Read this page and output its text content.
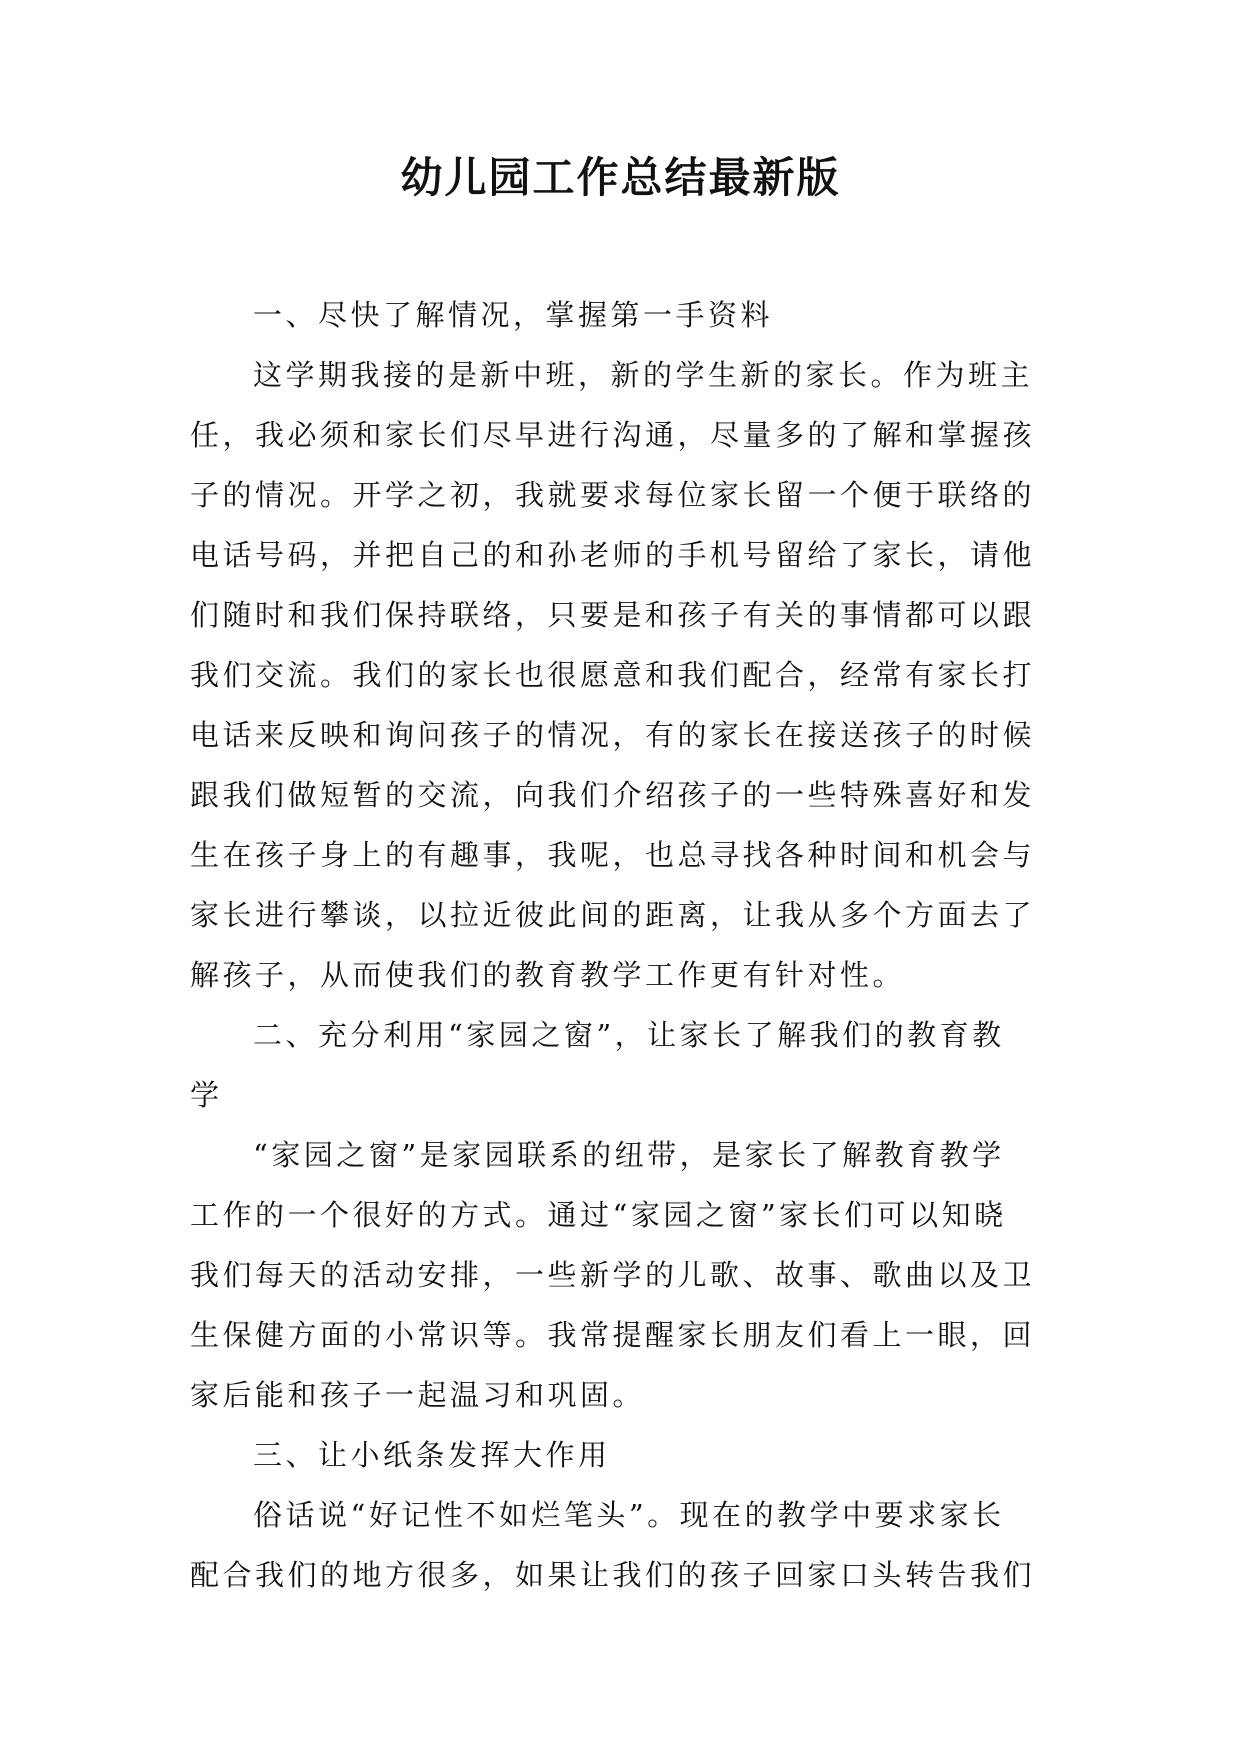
幼儿园工作总结最新版
一、尽快了解情况，掌握第一手资料
这学期我接的是新中班，新的学生新的家长。作为班主
任，我必须和家长们尽早进行沟通，尽量多的了解和掌握孩
子的情况。开学之初，我就要求每位家长留一个便于联络的
电话号码，并把自己的和孙老师的手机号留给了家长，请他
们随时和我们保持联络，只要是和孩子有关的事情都可以跟
我们交流。我们的家长也很愿意和我们配合，经常有家长打
电话来反映和询问孩子的情况，有的家长在接送孩子的时候
跟我们做短暂的交流，向我们介绍孩子的一些特殊喜好和发
生在孩子身上的有趣事，我呢，也总寻找各种时间和机会与
家长进行攀谈，以拉近彼此间的距离，让我从多个方面去了
解孩子，从而使我们的教育教学工作更有针对性。
二、充分利用“家园之窗”，让家长了解我们的教育教
学
“家园之窗”是家园联系的纽带，是家长了解教育教学
工作的一个很好的方式。通过“家园之窗”家长们可以知晓
我们每天的活动安排，一些新学的儿歌、故事、歌曲以及卫
生保健方面的小常识等。我常提醒家长朋友们看上一眼，回
家后能和孩子一起温习和巩固。
三、让小纸条发挥大作用
俗话说“好记性不如烂笔头”。现在的教学中要求家长
配合我们的地方很多，如果让我们的孩子回家口头转告我们
